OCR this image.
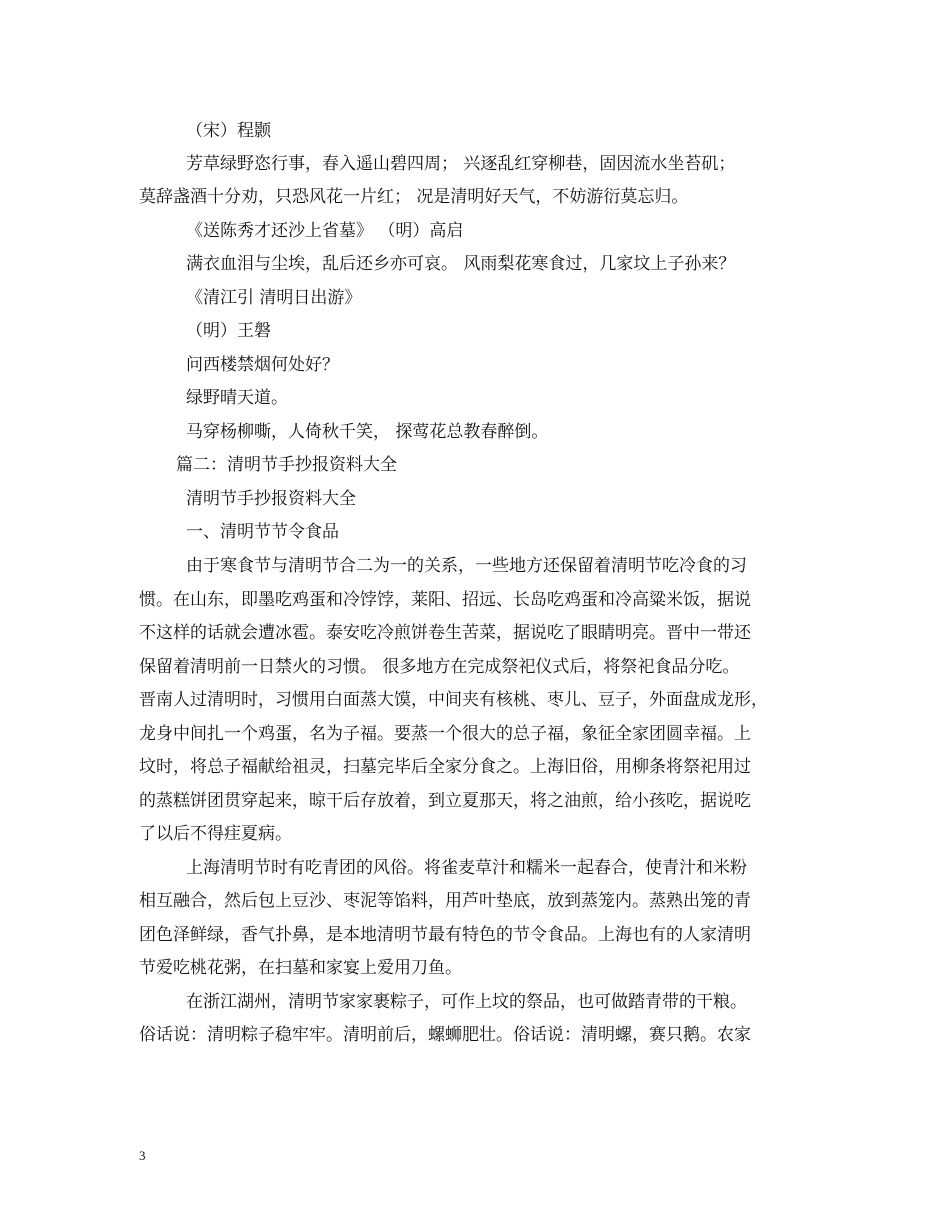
（宋）程颢
芳草绿野恣行事，春入遥山碧四周； 兴逐乱红穿柳巷，固因流水坐苔矶；
莫辞盏酒十分劝，只恐风花一片红； 况是清明好天气，不妨游衍莫忘归。
《送陈秀才还沙上省墓》 （明）高启
满衣血泪与尘埃，乱后还乡亦可哀。 风雨梨花寒食过，几家坟上子孙来？
《清江引 清明日出游》
（明）王磐
问西楼禁烟何处好？
绿野晴天道。
马穿杨柳嘶，人倚秋千笑， 探莺花总教春醉倒。
篇二：清明节手抄报资料大全
清明节手抄报资料大全
一、清明节节令食品
由于寒食节与清明节合二为一的关系，一些地方还保留着清明节吃冷食的习
惯。在山东，即墨吃鸡蛋和冷饽饽，莱阳、招远、长岛吃鸡蛋和冷高粱米饭，据说
不这样的话就会遭冰雹。泰安吃冷煎饼卷生苦菜，据说吃了眼睛明亮。晋中一带还
保留着清明前一日禁火的习惯。 很多地方在完成祭祀仪式后，将祭祀食品分吃。
晋南人过清明时，习惯用白面蒸大馍，中间夹有核桃、枣儿、豆子，外面盘成龙形，
龙身中间扎一个鸡蛋，名为子福。要蒸一个很大的总子福，象征全家团圆幸福。上
坟时，将总子福献给祖灵，扫墓完毕后全家分食之。上海旧俗，用柳条将祭祀用过
的蒸糕饼团贯穿起来，晾干后存放着，到立夏那天，将之油煎，给小孩吃，据说吃
了以后不得疰夏病。
上海清明节时有吃青团的风俗。将雀麦草汁和糯米一起舂合，使青汁和米粉
相互融合，然后包上豆沙、枣泥等馅料，用芦叶垫底，放到蒸笼内。蒸熟出笼的青
团色泽鲜绿，香气扑鼻，是本地清明节最有特色的节令食品。上海也有的人家清明
节爱吃桃花粥，在扫墓和家宴上爱用刀鱼。
在浙江湖州，清明节家家裹粽子，可作上坟的祭品，也可做踏青带的干粮。
俗话说：清明粽子稳牢牢。清明前后，螺蛳肥壮。俗话说：清明螺，赛只鹅。农家
3
